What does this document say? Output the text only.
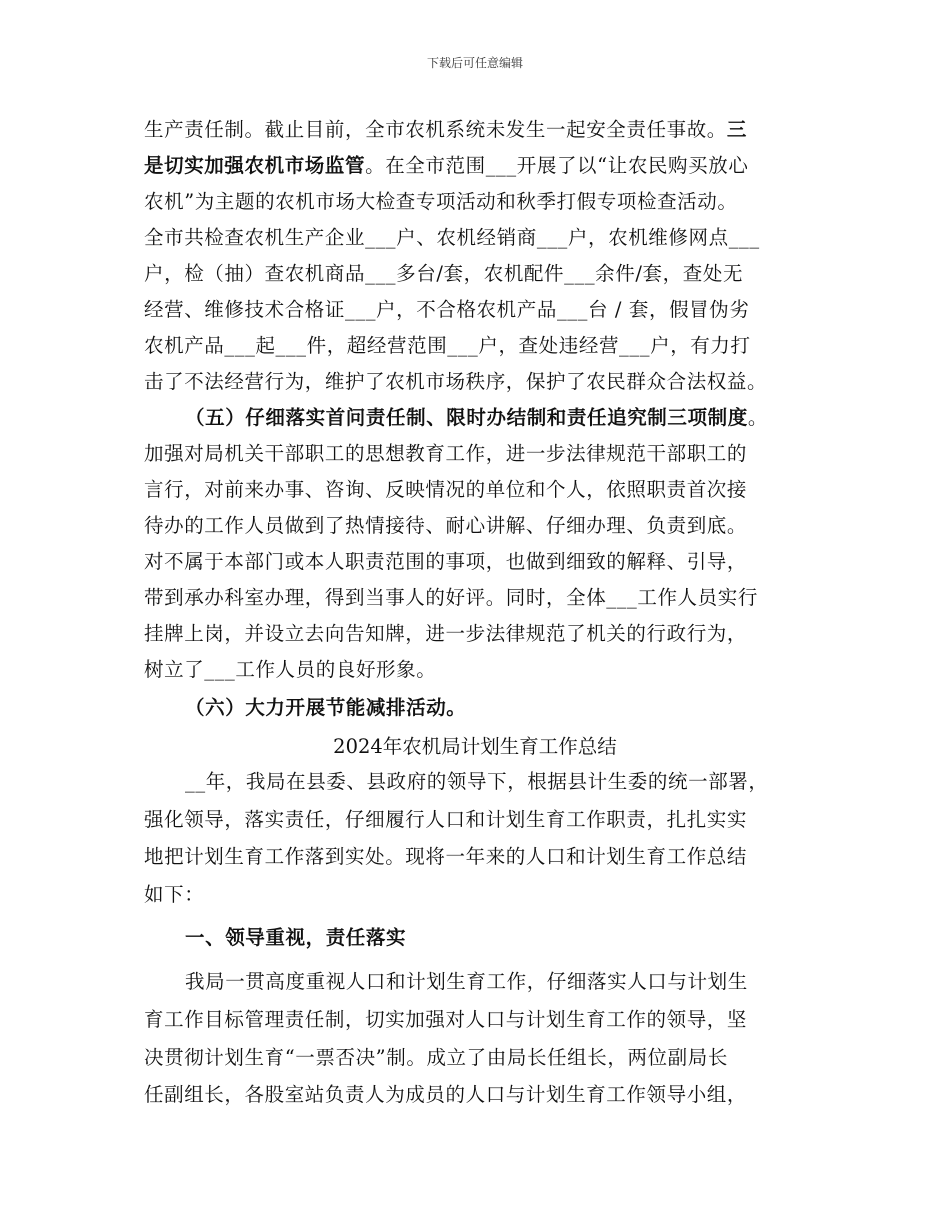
下载后可任意编辑
生产责任制。截止目前，全市农机系统未发生一起安全责任事故。三
是切实加强农机市场监管。在全市范围___开展了以“让农民购买放心
农机”为主题的农机市场大检查专项活动和秋季打假专项检查活动。
全市共检查农机生产企业___户、农机经销商___户，农机维修网点___
户，检（抽）查农机商品___多台/套，农机配件___余件/套，查处无
经营、维修技术合格证___户，不合格农机产品___台 / 套，假冒伪劣
农机产品___起___件，超经营范围___户，查处违经营___户，有力打
击了不法经营行为，维护了农机市场秩序，保护了农民群众合法权益。
（五）仔细落实首问责任制、限时办结制和责任追究制三项制度。
加强对局机关干部职工的思想教育工作，进一步法律规范干部职工的
言行，对前来办事、咨询、反映情况的单位和个人，依照职责首次接
待办的工作人员做到了热情接待、耐心讲解、仔细办理、负责到底。
对不属于本部门或本人职责范围的事项，也做到细致的解释、引导，
带到承办科室办理，得到当事人的好评。同时，全体___工作人员实行
挂牌上岗，并设立去向告知牌，进一步法律规范了机关的行政行为，
树立了___工作人员的良好形象。
（六）大力开展节能减排活动。
2024年农机局计划生育工作总结
__年，我局在县委、县政府的领导下，根据县计生委的统一部署，
强化领导，落实责任，仔细履行人口和计划生育工作职责，扎扎实实
地把计划生育工作落到实处。现将一年来的人口和计划生育工作总结
如下：
一、领导重视，责任落实
我局一贯高度重视人口和计划生育工作，仔细落实人口与计划生
育工作目标管理责任制，切实加强对人口与计划生育工作的领导，坚
决贯彻计划生育“一票否决”制。成立了由局长任组长，两位副局长
任副组长，各股室站负责人为成员的人口与计划生育工作领导小组，
